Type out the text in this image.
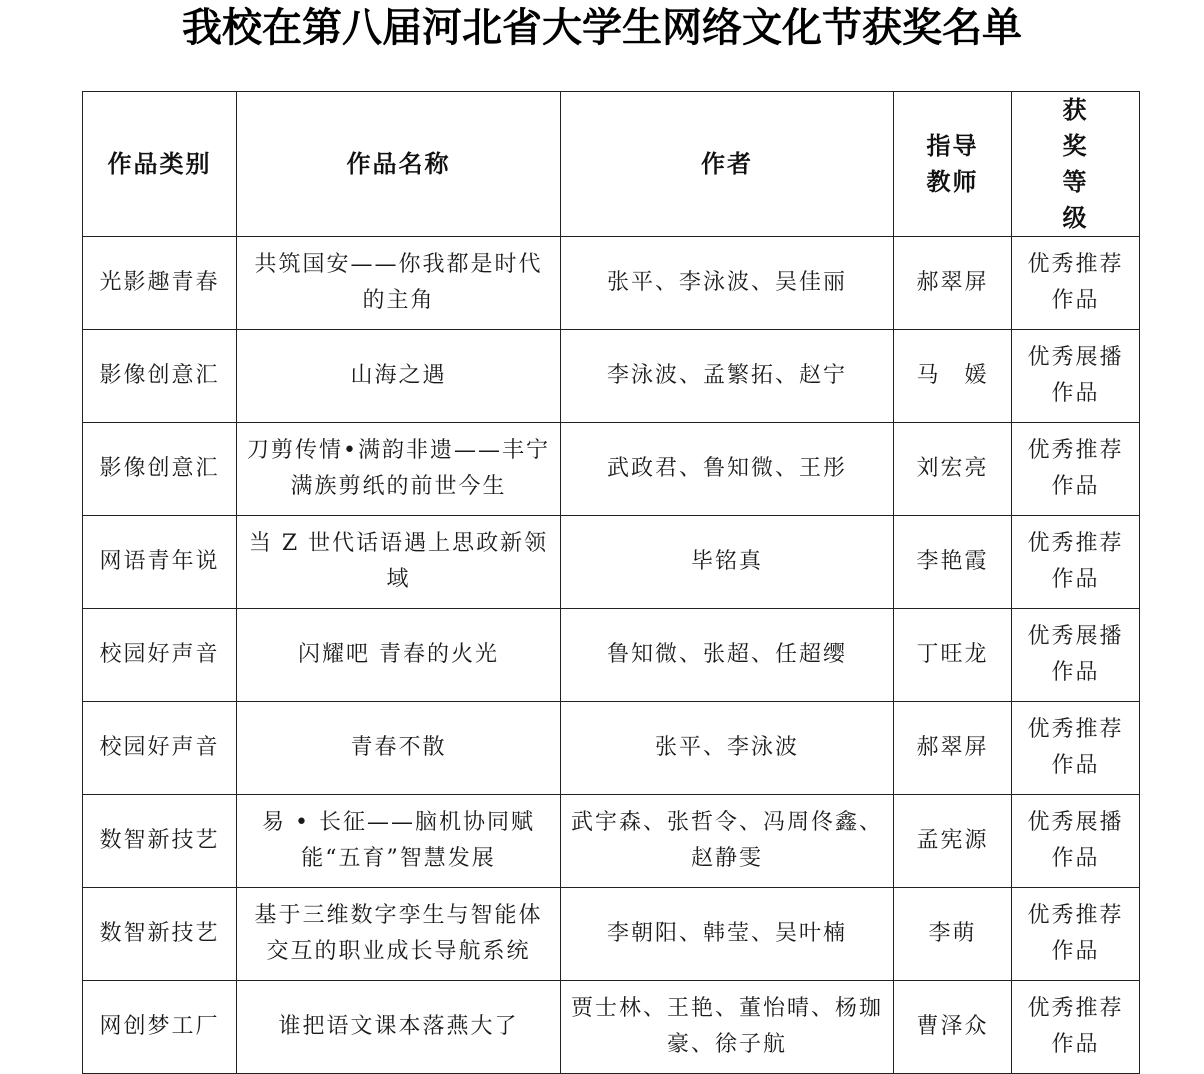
我校在第八届河北省大学生网络文化节获奖名单
作品类别	作品名称	作者	指导教师	获奖等级
光影趣青春	共筑国安——你我都是时代的主角	张平、李泳波、吴佳丽	郝翠屏	优秀推荐作品
影像创意汇	山海之遇	李泳波、孟繁拓、赵宁	马　媛	优秀展播作品
影像创意汇	刀剪传情•满韵非遗——丰宁满族剪纸的前世今生	武政君、鲁知微、王彤	刘宏亮	优秀推荐作品
网语青年说	当 Z 世代话语遇上思政新领域	毕铭真	李艳霞	优秀推荐作品
校园好声音	闪耀吧 青春的火光	鲁知微、张超、任超缨	丁旺龙	优秀展播作品
校园好声音	青春不散	张平、李泳波	郝翠屏	优秀推荐作品
数智新技艺	易 • 长征——脑机协同赋能“五育”智慧发展	武宇森、张哲令、冯周佟鑫、赵静雯	孟宪源	优秀展播作品
数智新技艺	基于三维数字孪生与智能体交互的职业成长导航系统	李朝阳、韩莹、吴叶楠	李萌	优秀推荐作品
网创梦工厂	谁把语文课本落燕大了	贾士林、王艳、董怡晴、杨珈豪、徐子航	曹泽众	优秀推荐作品
